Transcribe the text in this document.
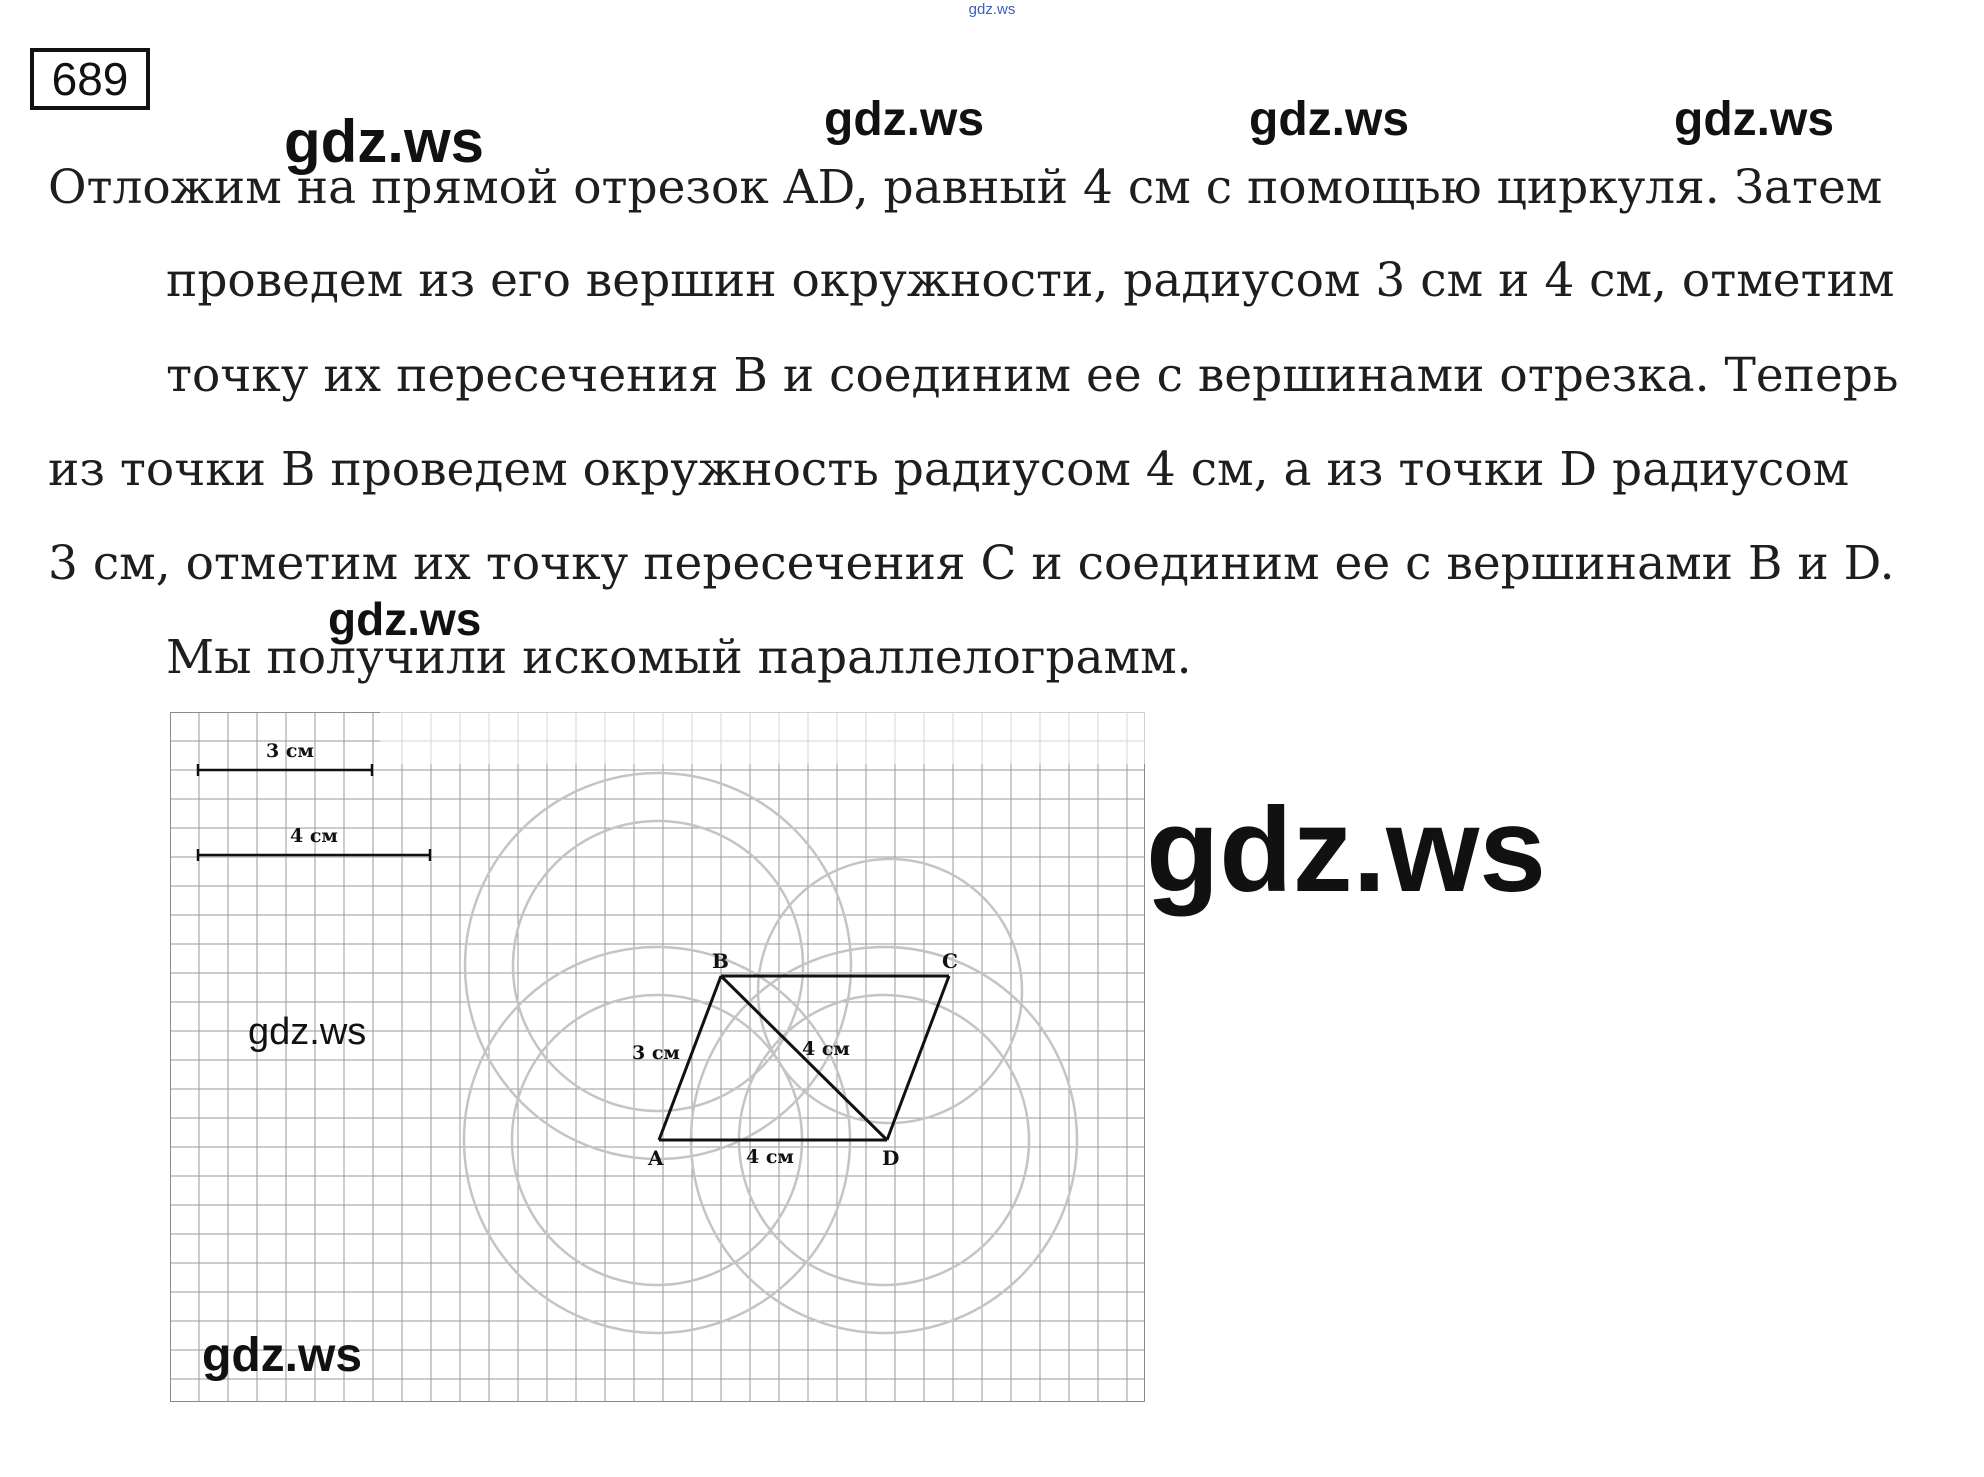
gdz.ws
689
gdz.ws	gdz.ws	gdz.ws	gdz.ws
Отложим на прямой отрезок AD, равный 4 см с помощью циркуля. Затем
проведем из его вершин окружности, радиусом 3 см и 4 см, отметим
точку их пересечения B и соединим ее с вершинами отрезка. Теперь
из точки B проведем окружность радиусом 4 см, а из точки D радиусом
3 см, отметим их точку пересечения C и соединим ее с вершинами B и D.
Мы получили искомый параллелограмм.
gdz.ws
3 см
4 см
A
B	C
D
3 см	4 см
4 см
gdz.ws
gdz.ws
gdz.ws
